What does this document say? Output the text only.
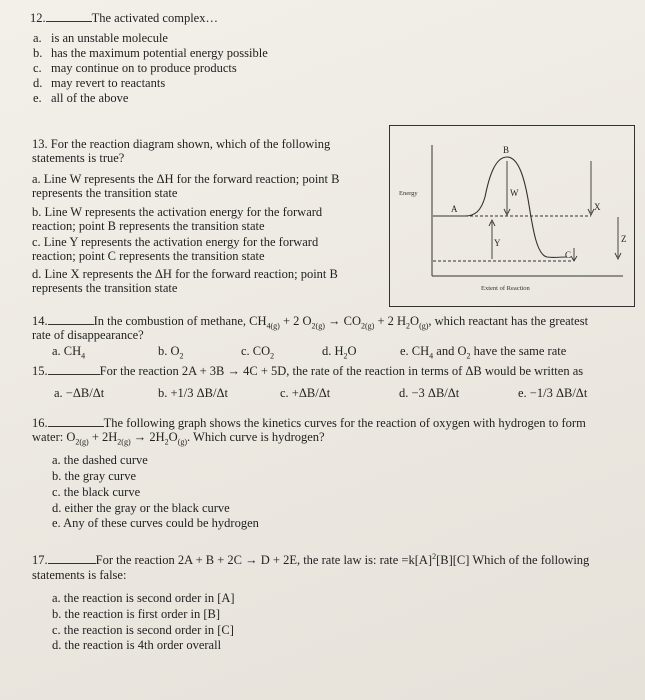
12.	The activated complex…
a. is an unstable molecule
b. has the maximum potential energy possible
c. may continue on to produce products
d. may revert to reactants
e. all of the above
13. For the reaction diagram shown, which of the following
statements is true?
a. Line W represents the ΔH for the forward reaction; point B
represents the transition state
b. Line W represents the activation energy for the forward
reaction; point B represents the transition state
c. Line Y represents the activation energy for the forward
reaction; point C represents the transition state
d. Line X represents the ΔH for the forward reaction; point B
represents the transition state
Energy
Extent of Reaction
B
A
W
Y
X
Z
C
14.	In the combustion of methane, $CH_{4(g)} + 2$ $O_{2(g)} \to CO_{2(g)} + 2$ $H_2O_{(g)}$, which reactant has the greatest
rate of disappearance?
a. $CH_4$	b. $O_2$	c. $CO_2$	d. $H_2O$	e. $CH_4$ and $O_2$ have the same rate
15.	For the reaction 2A + 3B → 4C + 5D, the rate of the reaction in terms of ΔB would be written as
a. −ΔB/Δt	b. +1/3 ΔB/Δt	c. +ΔB/Δt	d. −3 ΔB/Δt	e. −1/3 ΔB/Δt
16.	The following graph shows the kinetics curves for the reaction of oxygen with hydrogen to form
water: $O_{2(g)} + 2H_{2(g)} \to 2H_2O_{(g)}$. Which curve is hydrogen?
a. the dashed curve
b. the gray curve
c. the black curve
d. either the gray or the black curve
e. Any of these curves could be hydrogen
17.	For the reaction 2A + B + 2C → D + 2E, the rate law is: rate $=k[A]^2[B][C]$ Which of the following
statements is false:
a. the reaction is second order in [A]
b. the reaction is first order in [B]
c. the reaction is second order in [C]
d. the reaction is 4th order overall
